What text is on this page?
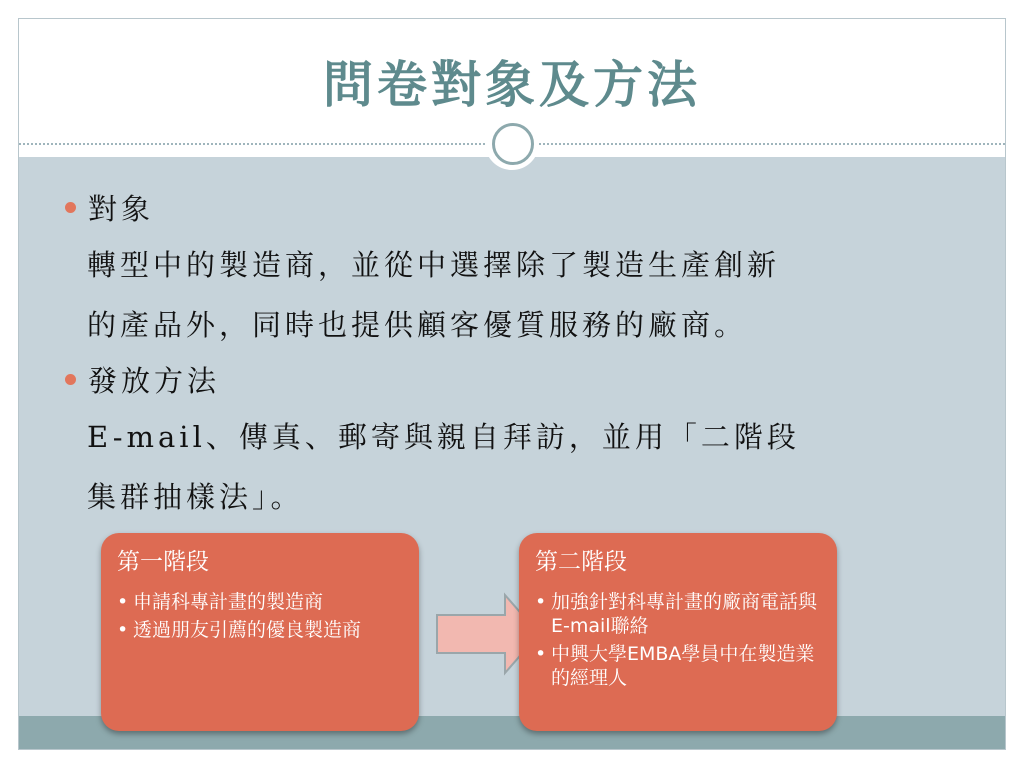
問卷對象及方法
對象
轉型中的製造商，並從中選擇除了製造生產創新
的產品外，同時也提供顧客優質服務的廠商。
發放方法
E-mail、傳真、郵寄與親自拜訪，並用「二階段
集群抽樣法」。
第一階段
• 申請科專計畫的製造商
• 透過朋友引薦的優良製造商
第二階段
• 加強針對科專計畫的廠商電話與E-mail聯絡
• 中興大學EMBA學員中在製造業的經理人
